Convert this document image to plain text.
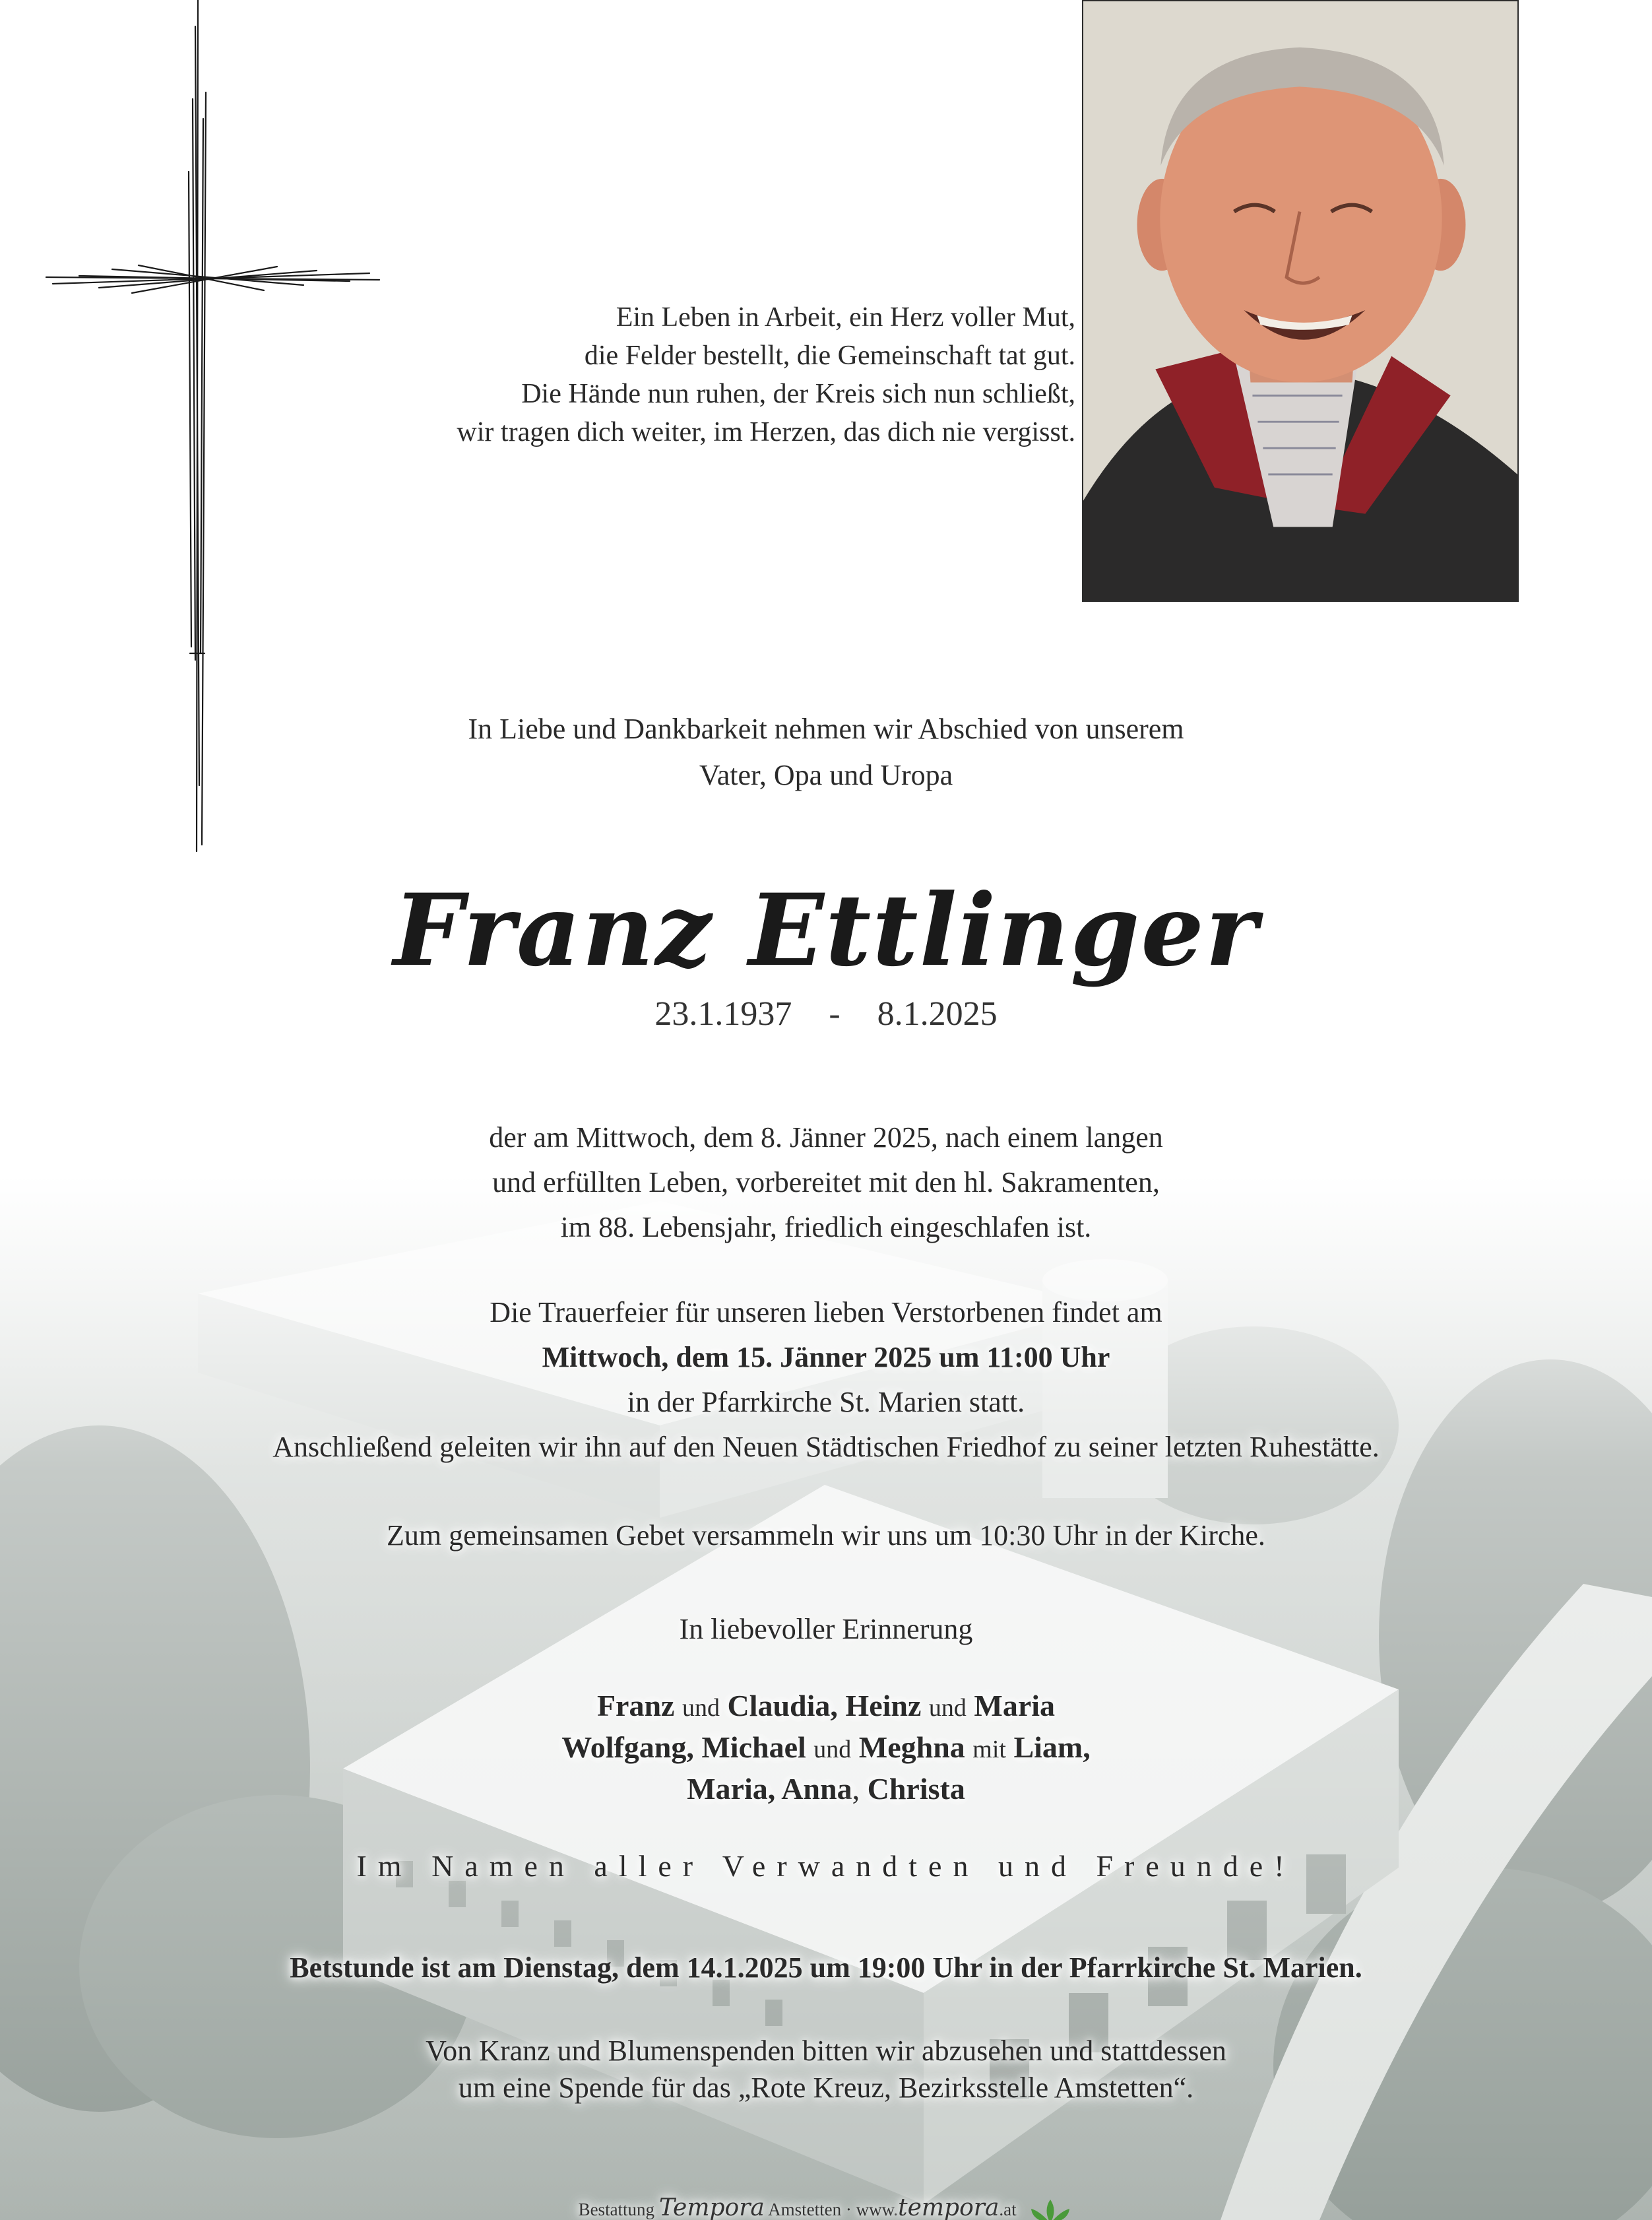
Ein Leben in Arbeit, ein Herz voller Mut,
die Felder bestellt, die Gemeinschaft tat gut.
Die Hände nun ruhen, der Kreis sich nun schließt,
wir tragen dich weiter, im Herzen, das dich nie vergisst.
In Liebe und Dankbarkeit nehmen wir Abschied von unserem
Vater, Opa und Uropa
Franz Ettlinger
23.1.1937 - 8.1.2025
der am Mittwoch, dem 8. Jänner 2025, nach einem langen
und erfüllten Leben, vorbereitet mit den hl. Sakramenten,
im 88. Lebensjahr, friedlich eingeschlafen ist.
Die Trauerfeier für unseren lieben Verstorbenen findet am
Mittwoch, dem 15. Jänner 2025 um 11:00 Uhr
in der Pfarrkirche St. Marien statt.
Anschließend geleiten wir ihn auf den Neuen Städtischen Friedhof zu seiner letzten Ruhestätte.
Zum gemeinsamen Gebet versammeln wir uns um 10:30 Uhr in der Kirche.
In liebevoller Erinnerung
Franz und Claudia, Heinz und Maria
Wolfgang, Michael und Meghna mit Liam,
Maria, Anna, Christa
Im Namen aller Verwandten und Freunde!
Betstunde ist am Dienstag, dem 14.1.2025 um 19:00 Uhr in der Pfarrkirche St. Marien.
Von Kranz und Blumenspenden bitten wir abzusehen und stattdessen
um eine Spende für das „Rote Kreuz, Bezirksstelle Amstetten“.
Bestattung Tempora Amstetten · www.tempora.at
